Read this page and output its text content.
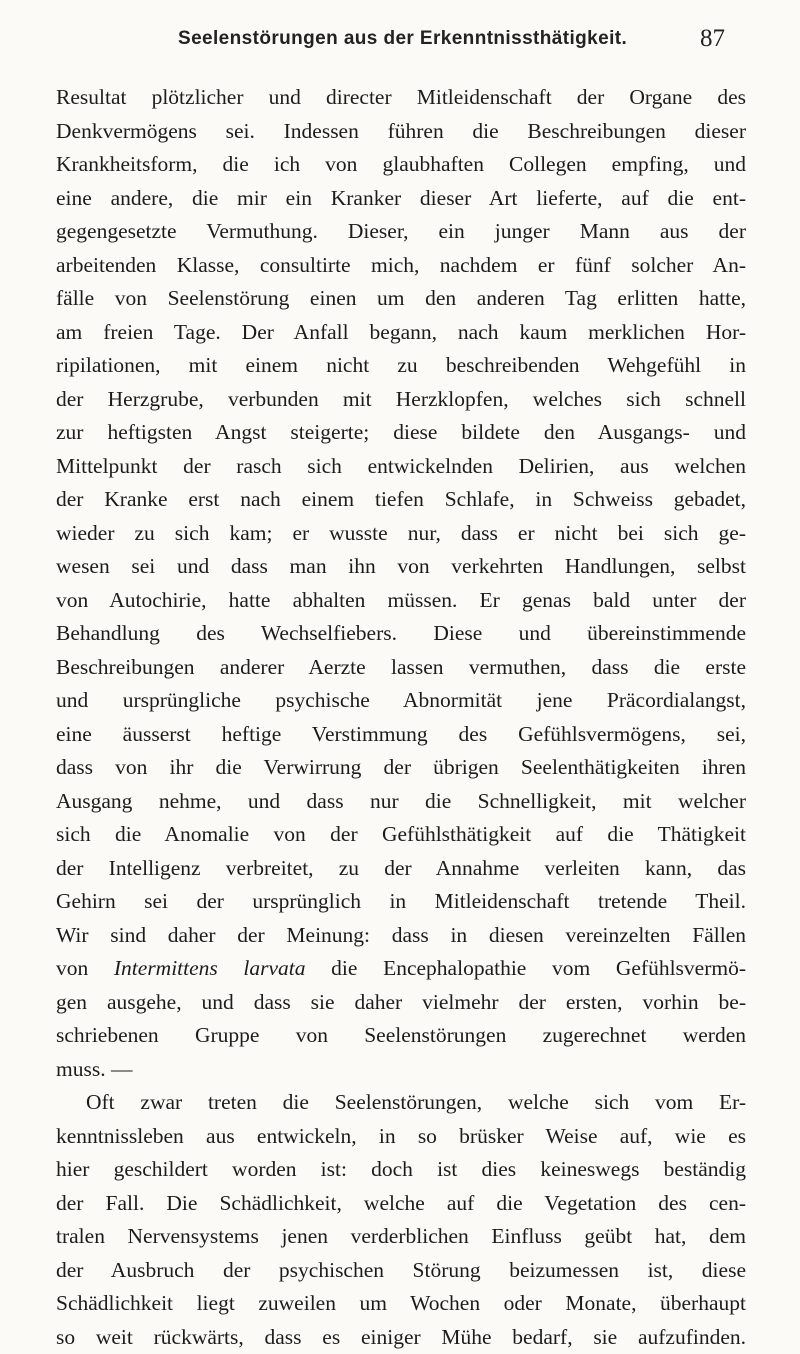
Seelenstörungen aus der Erkenntnissthätigkeit.	87
Resultat plötzlicher und directer Mitleidenschaft der Organe des
Denkvermögens sei. Indessen führen die Beschreibungen dieser
Krankheitsform, die ich von glaubhaften Collegen empfing, und
eine andere, die mir ein Kranker dieser Art lieferte, auf die ent-
gegengesetzte Vermuthung. Dieser, ein junger Mann aus der
arbeitenden Klasse, consultirte mich, nachdem er fünf solcher An-
fälle von Seelenstörung einen um den anderen Tag erlitten hatte,
am freien Tage. Der Anfall begann, nach kaum merklichen Hor-
ripilationen, mit einem nicht zu beschreibenden Wehgefühl in
der Herzgrube, verbunden mit Herzklopfen, welches sich schnell
zur heftigsten Angst steigerte; diese bildete den Ausgangs- und
Mittelpunkt der rasch sich entwickelnden Delirien, aus welchen
der Kranke erst nach einem tiefen Schlafe, in Schweiss gebadet,
wieder zu sich kam; er wusste nur, dass er nicht bei sich ge-
wesen sei und dass man ihn von verkehrten Handlungen, selbst
von Autochirie, hatte abhalten müssen. Er genas bald unter der
Behandlung des Wechselfiebers. Diese und übereinstimmende
Beschreibungen anderer Aerzte lassen vermuthen, dass die erste
und ursprüngliche psychische Abnormität jene Präcordialangst,
eine äusserst heftige Verstimmung des Gefühlsvermögens, sei,
dass von ihr die Verwirrung der übrigen Seelenthätigkeiten ihren
Ausgang nehme, und dass nur die Schnelligkeit, mit welcher
sich die Anomalie von der Gefühlsthätigkeit auf die Thätigkeit
der Intelligenz verbreitet, zu der Annahme verleiten kann, das
Gehirn sei der ursprünglich in Mitleidenschaft tretende Theil.
Wir sind daher der Meinung: dass in diesen vereinzelten Fällen
von Intermittens larvata die Encephalopathie vom Gefühlsvermö-
gen ausgehe, und dass sie daher vielmehr der ersten, vorhin be-
schriebenen Gruppe von Seelenstörungen zugerechnet werden
muss. —
Oft zwar treten die Seelenstörungen, welche sich vom Er-
kenntnissleben aus entwickeln, in so brüsker Weise auf, wie es
hier geschildert worden ist: doch ist dies keineswegs beständig
der Fall. Die Schädlichkeit, welche auf die Vegetation des cen-
tralen Nervensystems jenen verderblichen Einfluss geübt hat, dem
der Ausbruch der psychischen Störung beizumessen ist, diese
Schädlichkeit liegt zuweilen um Wochen oder Monate, überhaupt
so weit rückwärts, dass es einiger Mühe bedarf, sie aufzufinden.
